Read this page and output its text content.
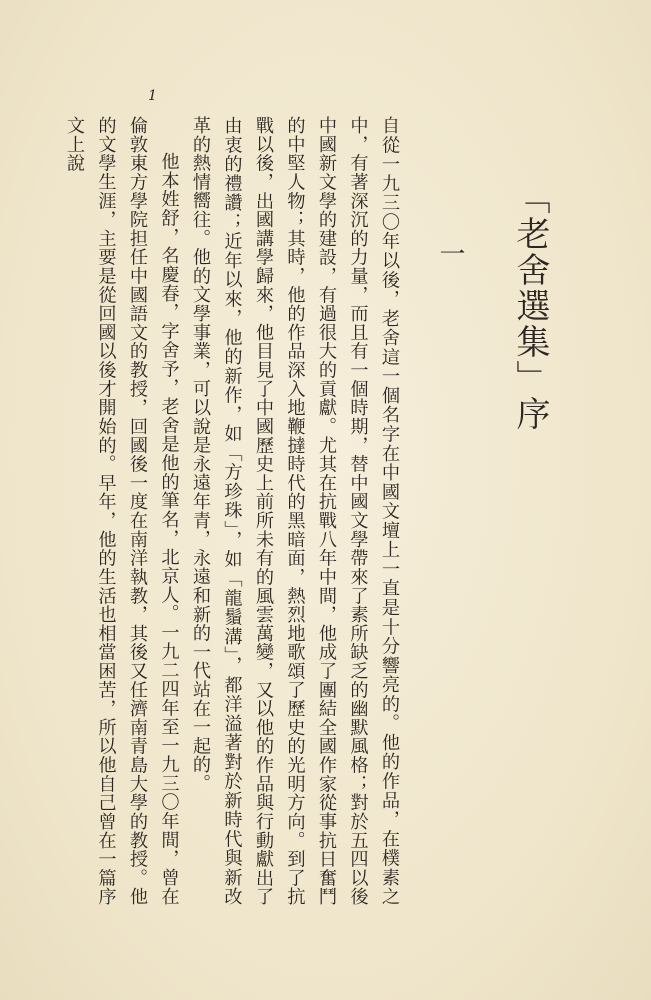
1
「老舍選集」序
一

自從一九三〇年以後，老舍這一個名字在中國文壇上一直是十分響亮的。他的作品，在樸素之中，有著深沉的力量，而且有一個時期，替中國文學帶來了素所缺乏的幽默風格；對於五四以後中國新文學的建設，有過很大的貢獻。尤其在抗戰八年中間，他成了團結全國作家從事抗日奮鬥的中堅人物；其時，他的作品深入地鞭撻時代的黑暗面，熱烈地歌頌了歷史的光明方向。到了抗戰以後，出國講學歸來，他目見了中國歷史上前所未有的風雲萬變，又以他的作品與行動獻出了由衷的禮讚；近年以來，他的新作，如「方珍珠」，如「龍鬚溝」，都洋溢著對於新時代與新改革的熱情嚮往。他的文學事業，可以說是永遠年青，永遠和新的一代站在一起的。

他本姓舒，名慶春，字舍予，老舍是他的筆名，北京人。一九二四年至一九三〇年間，曾在倫敦東方學院担任中國語文的教授，回國後一度在南洋執教，其後又任濟南青島大學的教授。他的文學生涯，主要是從回國以後才開始的。早年，他的生活也相當困苦，所以他自己曾在一篇序文上說
